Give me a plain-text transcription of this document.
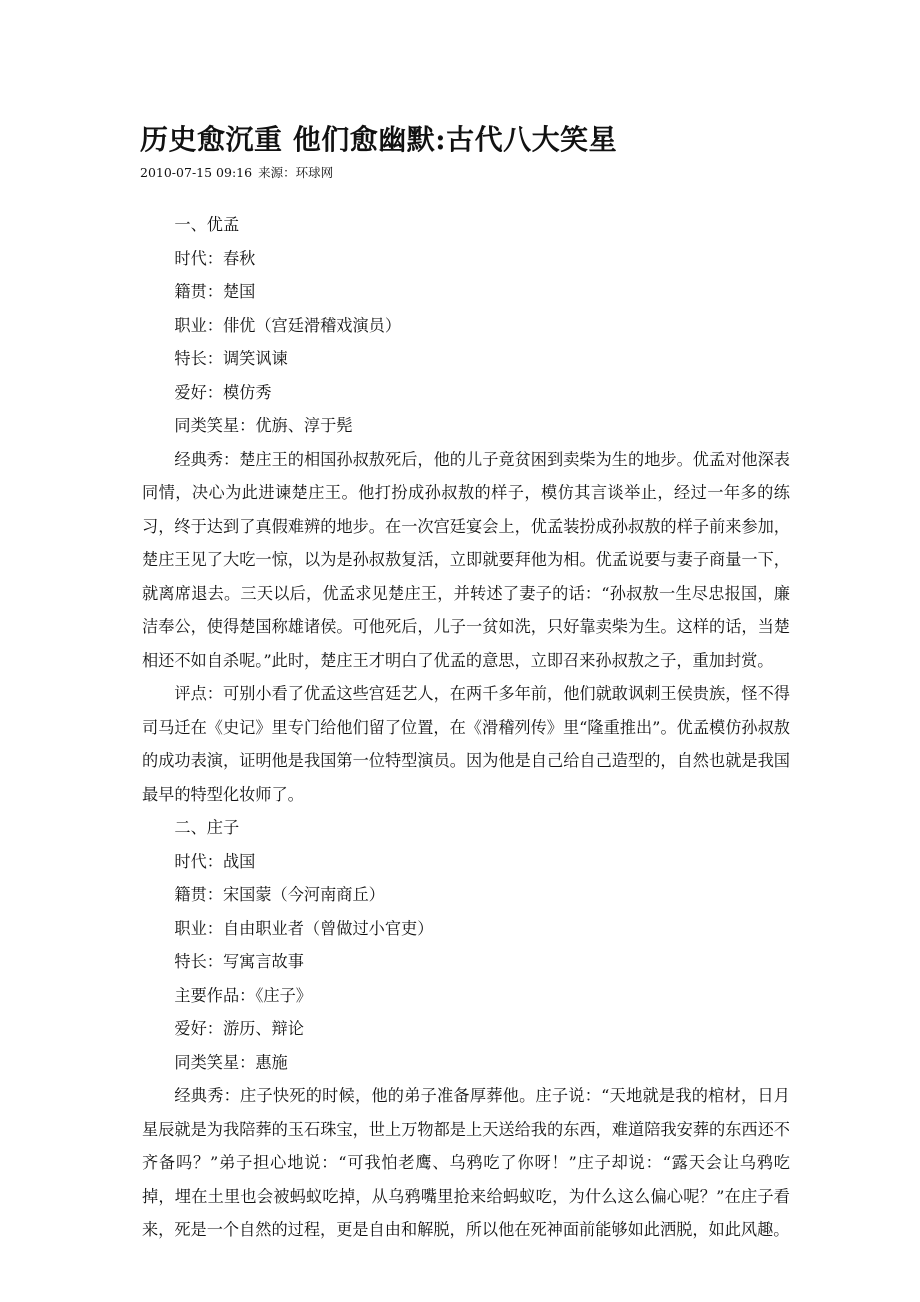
历史愈沉重 他们愈幽默:古代八大笑星
2010-07-15 09:16 来源：环球网

一、优孟

时代：春秋

籍贯：楚国

职业：俳优（宫廷滑稽戏演员）

特长：调笑讽谏

爱好：模仿秀

同类笑星：优旃、淳于髡

经典秀：楚庄王的相国孙叔敖死后，他的儿子竟贫困到卖柴为生的地步。优孟对他深表同情，决心为此进谏楚庄王。他打扮成孙叔敖的样子，模仿其言谈举止，经过一年多的练习，终于达到了真假难辨的地步。在一次宫廷宴会上，优孟装扮成孙叔敖的样子前来参加，楚庄王见了大吃一惊，以为是孙叔敖复活，立即就要拜他为相。优孟说要与妻子商量一下，就离席退去。三天以后，优孟求见楚庄王，并转述了妻子的话：“孙叔敖一生尽忠报国，廉洁奉公，使得楚国称雄诸侯。可他死后，儿子一贫如洗，只好靠卖柴为生。这样的话，当楚相还不如自杀呢。”此时，楚庄王才明白了优孟的意思，立即召来孙叔敖之子，重加封赏。

评点：可别小看了优孟这些宫廷艺人，在两千多年前，他们就敢讽刺王侯贵族，怪不得司马迁在《史记》里专门给他们留了位置，在《滑稽列传》里“隆重推出”。优孟模仿孙叔敖的成功表演，证明他是我国第一位特型演员。因为他是自己给自己造型的，自然也就是我国最早的特型化妆师了。

二、庄子

时代：战国

籍贯：宋国蒙（今河南商丘）

职业：自由职业者（曾做过小官吏）

特长：写寓言故事

主要作品：《庄子》

爱好：游历、辩论

同类笑星：惠施

经典秀：庄子快死的时候，他的弟子准备厚葬他。庄子说：“天地就是我的棺材，日月星辰就是为我陪葬的玉石珠宝，世上万物都是上天送给我的东西，难道陪我安葬的东西还不齐备吗？”弟子担心地说：“可我怕老鹰、乌鸦吃了你呀！”庄子却说：“露天会让乌鸦吃掉，埋在土里也会被蚂蚁吃掉，从乌鸦嘴里抢来给蚂蚁吃，为什么这么偏心呢？”在庄子看来，死是一个自然的过程，更是自由和解脱，所以他在死神面前能够如此洒脱，如此风趣。
